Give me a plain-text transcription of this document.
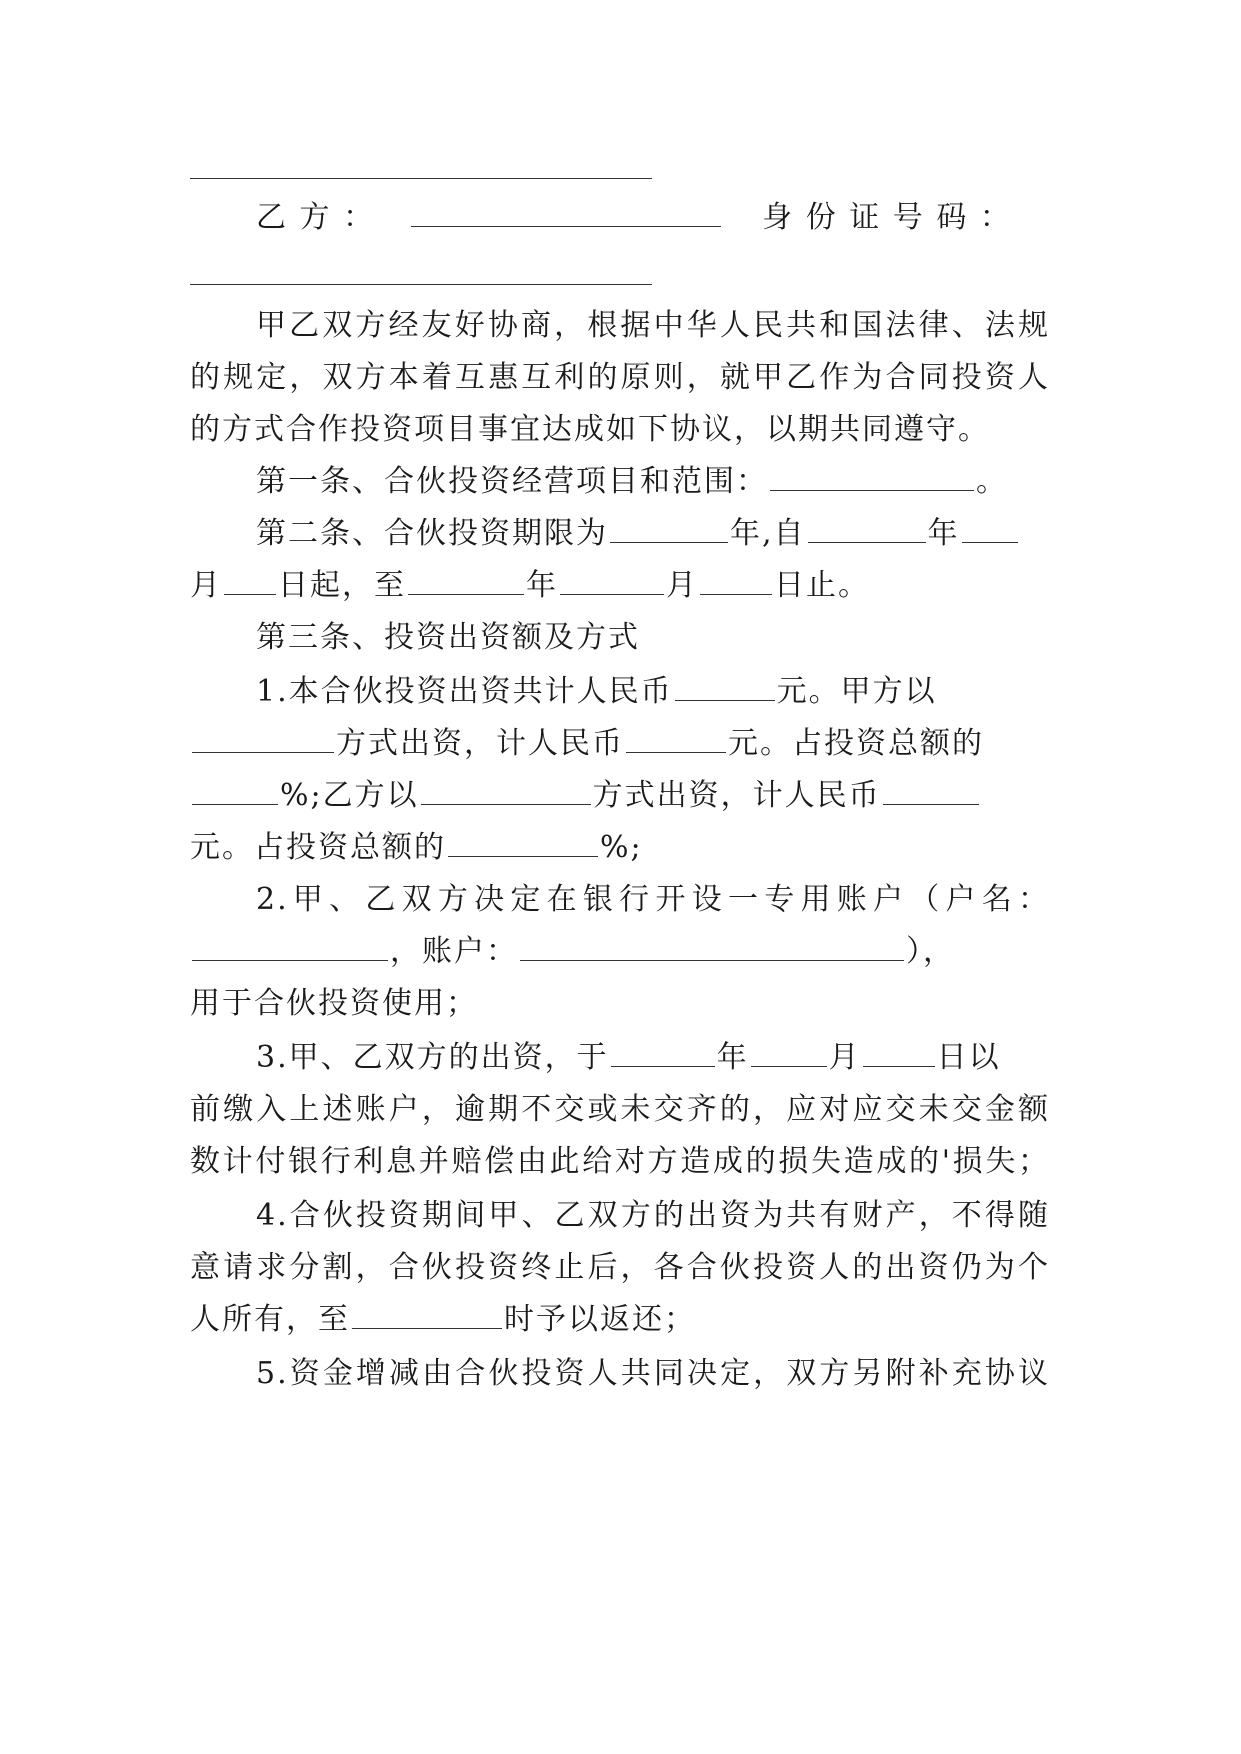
乙 方 ：	身 份 证 号 码 ：
甲乙双方经友好协商，根据中华人民共和国法律、法规
的规定，双方本着互惠互利的原则，就甲乙作为合同投资人
的方式合作投资项目事宜达成如下协议，以期共同遵守。
第一条、合伙投资经营项目和范围：	。
第二条、合伙投资期限为	年,自	年
月 日起，至	年	月	日止。
第三条、投资出资额及方式
1.本合伙投资出资共计人民币	元。甲方以
方式出资，计人民币	元。占投资总额的
%;乙方以	方式出资，计人民币
元。占投资总额的	%;
2.甲、乙双方决定在银行开设一专用账户（户名：
，账户：	），
用于合伙投资使用；
3.甲、乙双方的出资，于	年	月	日以
前缴入上述账户，逾期不交或未交齐的，应对应交未交金额
数计付银行利息并赔偿由此给对方造成的损失造成的'损失；
4.合伙投资期间甲、乙双方的出资为共有财产，不得随
意请求分割，合伙投资终止后，各合伙投资人的出资仍为个
人所有，至	时予以返还；
5.资金增减由合伙投资人共同决定，双方另附补充协议
